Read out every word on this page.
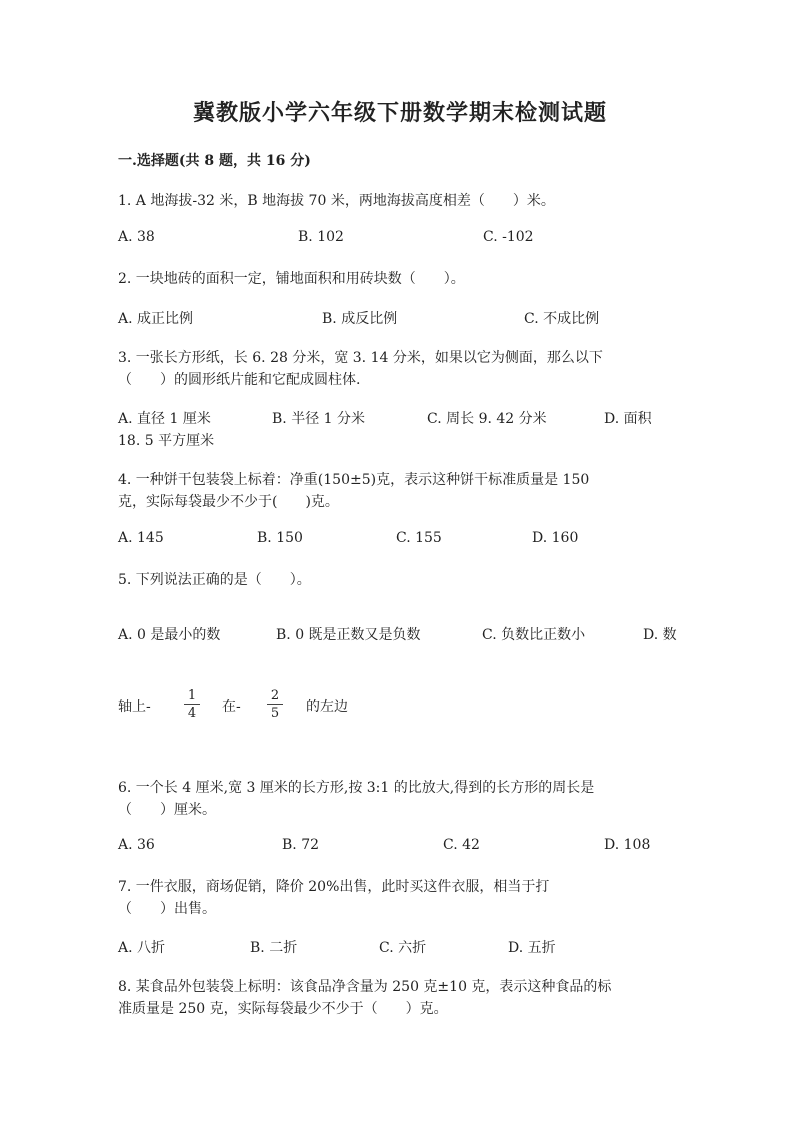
冀教版小学六年级下册数学期末检测试题
一.选择题(共 8 题，共 16 分)
1. A 地海拔-32 米，B 地海拔 70 米，两地海拔高度相差（　　）米。
A. 38	B. 102	C. -102
2. 一块地砖的面积一定，铺地面积和用砖块数（　　）。
A. 成正比例	B. 成反比例	C. 不成比例
3. 一张长方形纸，长 6. 28 分米，宽 3. 14 分米，如果以它为侧面，那么以下
（　　）的圆形纸片能和它配成圆柱体.
A. 直径 1 厘米	B. 半径 1 分米	C. 周长 9. 42 分米	D. 面积
18. 5 平方厘米
4. 一种饼干包装袋上标着：净重(150±5)克，表示这种饼干标准质量是 150
克，实际每袋最少不少于(　　)克。
A. 145	B. 150	C. 155	D. 160
5. 下列说法正确的是（　　）。
A. 0 是最小的数	B. 0 既是正数又是负数	C. 负数比正数小	D. 数
轴上-
1
4 在-
2
5 的左边
6. 一个长 4 厘米,宽 3 厘米的长方形,按 3:1 的比放大,得到的长方形的周长是
（　　）厘米。
A. 36	B. 72	C. 42	D. 108
7. 一件衣服，商场促销，降价 20%出售，此时买这件衣服，相当于打
（　　）出售。
A. 八折	B. 二折	C. 六折	D. 五折
8. 某食品外包装袋上标明：该食品净含量为 250 克±10 克，表示这种食品的标
准质量是 250 克，实际每袋最少不少于（　　）克。
